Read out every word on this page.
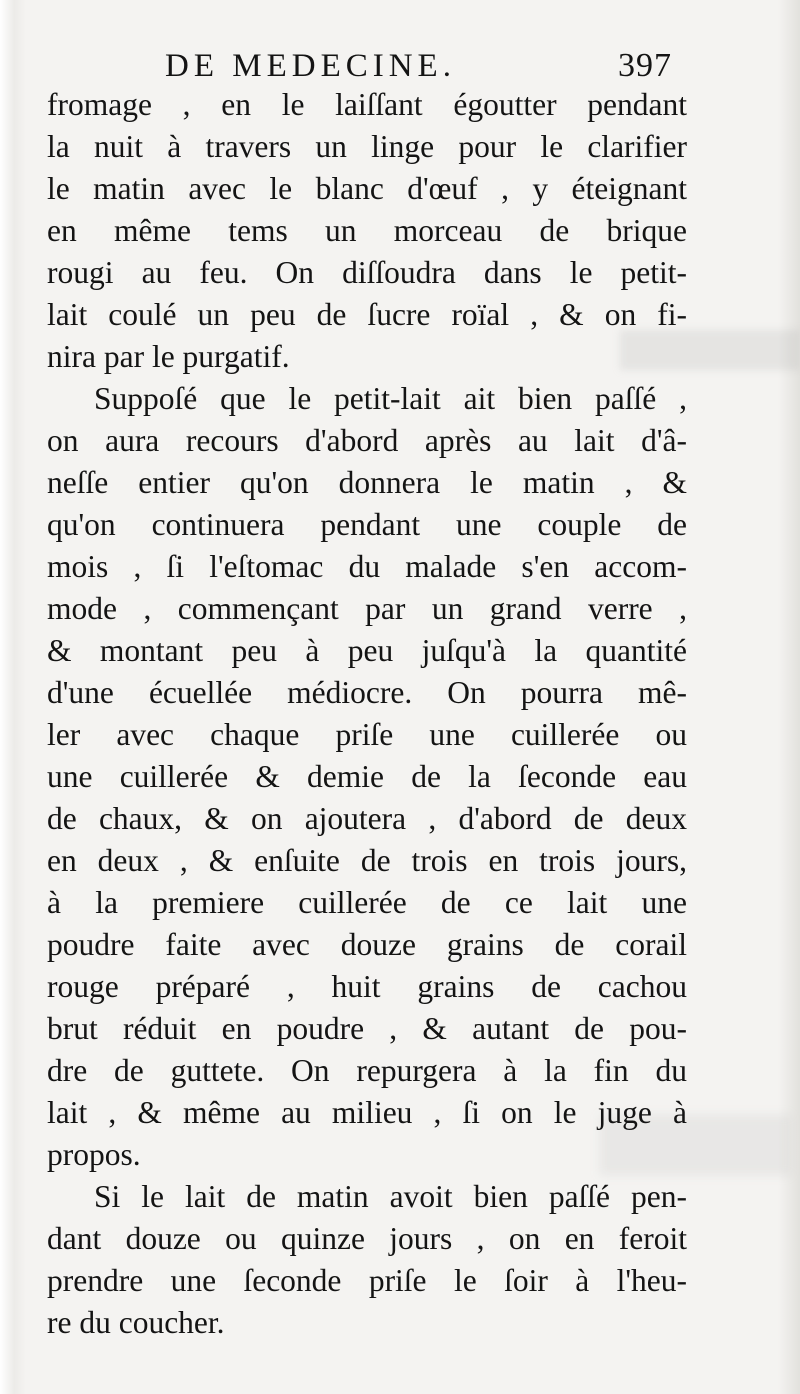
DE MEDECINE.	397
fromage , en le laiſſant égoutter pendant
la nuit à travers un linge pour le clarifier
le matin avec le blanc d'œuf , y éteignant
en même tems un morceau de brique
rougi au feu. On diſſoudra dans le petit-
lait coulé un peu de ſucre roïal , & on fi-
nira par le purgatif.
Suppoſé que le petit-lait ait bien paſſé ,
on aura recours d'abord après au lait d'â-
neſſe entier qu'on donnera le matin , &
qu'on continuera pendant une couple de
mois , ſi l'eſtomac du malade s'en accom-
mode , commençant par un grand verre ,
& montant peu à peu juſqu'à la quantité
d'une écuellée médiocre. On pourra mê-
ler avec chaque priſe une cuillerée ou
une cuillerée & demie de la ſeconde eau
de chaux, & on ajoutera , d'abord de deux
en deux , & enſuite de trois en trois jours,
à la premiere cuillerée de ce lait une
poudre faite avec douze grains de corail
rouge préparé , huit grains de cachou
brut réduit en poudre , & autant de pou-
dre de guttete. On repurgera à la fin du
lait , & même au milieu , ſi on le juge à
propos.
Si le lait de matin avoit bien paſſé pen-
dant douze ou quinze jours , on en feroit
prendre une ſeconde priſe le ſoir à l'heu-
re du coucher.
